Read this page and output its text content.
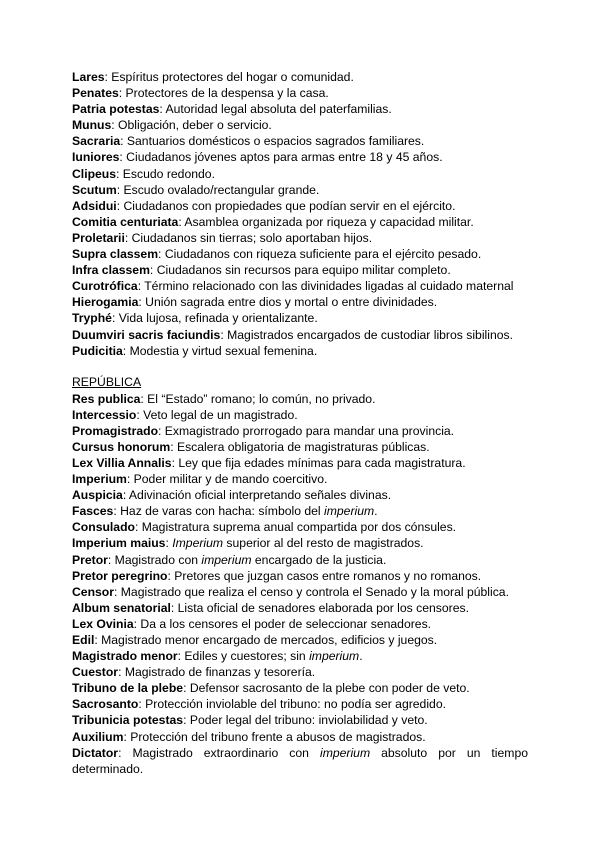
Lares: Espíritus protectores del hogar o comunidad.

Penates: Protectores de la despensa y la casa.

Patria potestas: Autoridad legal absoluta del paterfamilias.

Munus: Obligación, deber o servicio.

Sacraria: Santuarios domésticos o espacios sagrados familiares.

Iuniores: Ciudadanos jóvenes aptos para armas entre 18 y 45 años.

Clipeus: Escudo redondo.

Scutum: Escudo ovalado/rectangular grande.

Adsidui: Ciudadanos con propiedades que podían servir en el ejército.

Comitia centuriata: Asamblea organizada por riqueza y capacidad militar.

Proletarii: Ciudadanos sin tierras; solo aportaban hijos.

Supra classem: Ciudadanos con riqueza suficiente para el ejército pesado.

Infra classem: Ciudadanos sin recursos para equipo militar completo.

Curotrófica: Término relacionado con las divinidades ligadas al cuidado maternal

Hierogamia: Unión sagrada entre dios y mortal o entre divinidades.

Tryphé: Vida lujosa, refinada y orientalizante.

Duumviri sacris faciundis: Magistrados encargados de custodiar libros sibilinos.

Pudicitia: Modestia y virtud sexual femenina.

REPÚBLICA

Res publica: El “Estado” romano; lo común, no privado.

Intercessio: Veto legal de un magistrado.

Promagistrado: Exmagistrado prorrogado para mandar una provincia.

Cursus honorum: Escalera obligatoria de magistraturas públicas.

Lex Villia Annalis: Ley que fija edades mínimas para cada magistratura.

Imperium: Poder militar y de mando coercitivo.

Auspicia: Adivinación oficial interpretando señales divinas.

Fasces: Haz de varas con hacha: símbolo del imperium.

Consulado: Magistratura suprema anual compartida por dos cónsules.

Imperium maius: Imperium superior al del resto de magistrados.

Pretor: Magistrado con imperium encargado de la justicia.

Pretor peregrino: Pretores que juzgan casos entre romanos y no romanos.

Censor: Magistrado que realiza el censo y controla el Senado y la moral pública.

Album senatorial: Lista oficial de senadores elaborada por los censores.

Lex Ovinia: Da a los censores el poder de seleccionar senadores.

Edil: Magistrado menor encargado de mercados, edificios y juegos.

Magistrado menor: Ediles y cuestores; sin imperium.

Cuestor: Magistrado de finanzas y tesorería.

Tribuno de la plebe: Defensor sacrosanto de la plebe con poder de veto.

Sacrosanto: Protección inviolable del tribuno: no podía ser agredido.

Tribunicia potestas: Poder legal del tribuno: inviolabilidad y veto.

Auxilium: Protección del tribuno frente a abusos de magistrados.

Dictator: Magistrado extraordinario con imperium absoluto por un tiempo determinado.
